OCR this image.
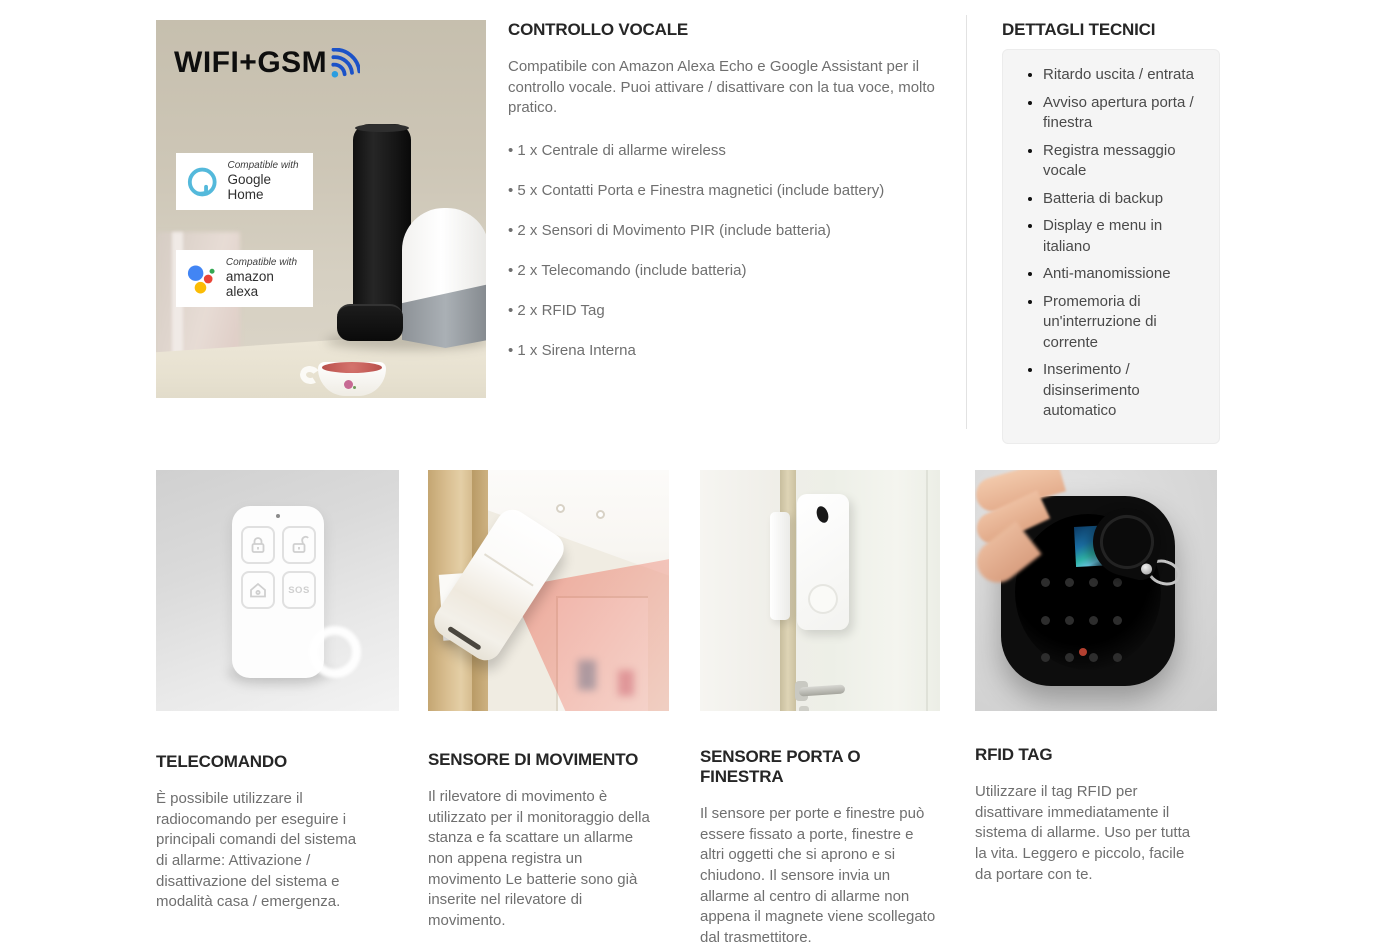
WIFI+GSM
Compatible with
Google Home
Compatible with
amazon alexa
CONTROLLO VOCALE

Compatibile con Amazon Alexa Echo e Google Assistant per il controllo vocale. Puoi attivare / disattivare con la tua voce, molto pratico.

• 1 x Centrale di allarme wireless
• 5 x Contatti Porta e Finestra magnetici (include battery)
• 2 x Sensori di Movimento PIR (include batteria)
• 2 x Telecomando (include batteria)
• 2 x RFID Tag
• 1 x Sirena Interna
DETTAGLI TECNICI
• Ritardo uscita / entrata
• Avviso apertura porta / finestra
• Registra messaggio vocale
• Batteria di backup
• Display e menu in italiano
• Anti-manomissione
• Promemoria di un'interruzione di corrente
• Inserimento / disinserimento automatico
SOS
TELECOMANDO

È possibile utilizzare il radiocomando per eseguire i principali comandi del sistema di allarme: Attivazione / disattivazione del sistema e modalità casa / emergenza.

SENSORE DI MOVIMENTO

Il rilevatore di movimento è utilizzato per il monitoraggio della stanza e fa scattare un allarme non appena registra un movimento Le batterie sono già inserite nel rilevatore di movimento.

SENSORE PORTA O FINESTRA

Il sensore per porte e finestre può essere fissato a porte, finestre e altri oggetti che si aprono e si chiudono. Il sensore invia un allarme al centro di allarme non appena il magnete viene scollegato dal trasmettitore.

RFID TAG

Utilizzare il tag RFID per disattivare immediatamente il sistema di allarme. Uso per tutta la vita. Leggero e piccolo, facile da portare con te.
